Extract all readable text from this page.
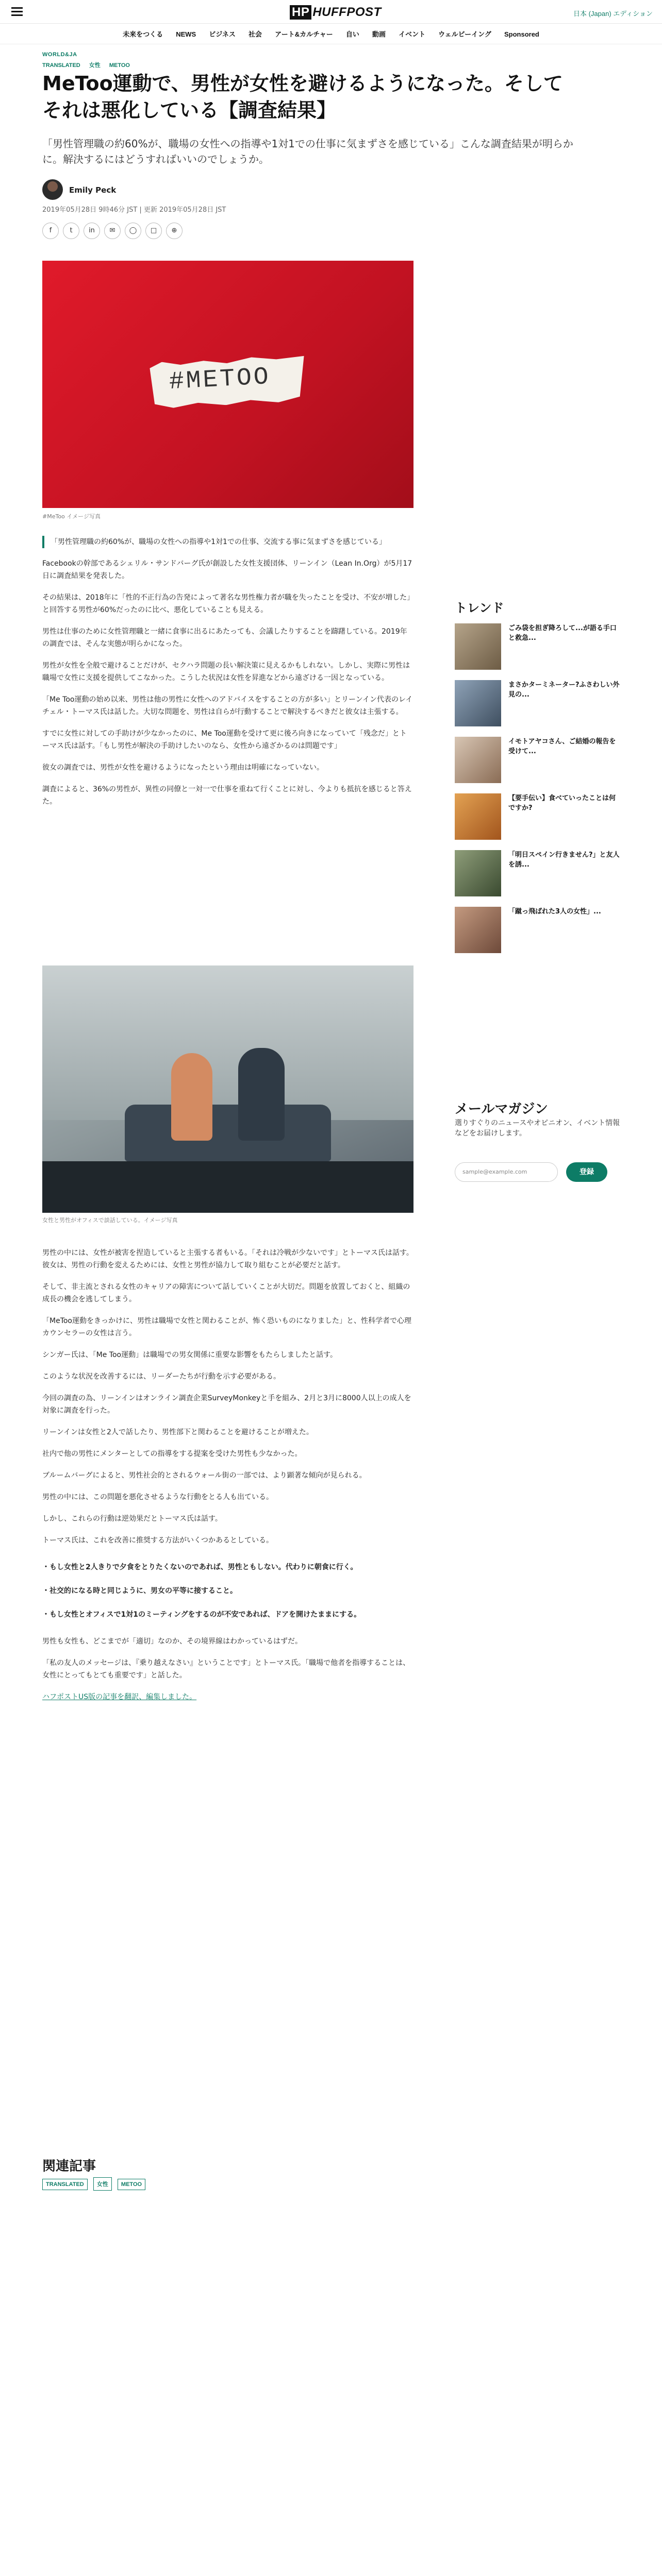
HP HUFFPOST	日本 (Japan) エディション
未来をつくる NEWS ビジネス 社会 アート&カルチャー 自い 動画 イベント ウェルビーイング Sponsored
WORLD&JA
TRANSLATED 女性 METOO
MeToo運動で、男性が女性を避けるようになった。そしてそれは悪化している【調査結果】

「男性管理職の約60%が、職場の女性への指導や1対1での仕事に気まずさを感じている」こんな調査結果が明らかに。解決するにはどうすればいいのでしょうか。

Emily Peck
2019年05月28日 9時46分 JST | 更新 2019年05月28日 JST
f	t	in	✉	◯	□	⊕
#METOO
#MeToo イメージ写真

「男性管理職の約60%が、職場の女性への指導や1対1での仕事、交流する事に気まずさを感じている」

Facebookの幹部であるシェリル・サンドバーグ氏が創設した女性支援団体、リーンイン（Lean In.Org）が5月17日に調査結果を発表した。

その結果は、2018年に「性的不正行為の告発によって著名な男性権力者が職を失ったことを受け、不安が増した」と回答する男性が60%だったのに比べ、悪化していることも見える。

男性は仕事のために女性管理職と一緒に食事に出るにあたっても、会議したりすることを躊躇している。2019年の調査では、そんな実態が明らかになった。

男性が女性を全般で避けることだけが、セクハラ問題の長い解決策に見えるかもしれない。しかし、実際に男性は職場で女性に支援を提供してこなかった。こうした状況は女性を昇進などから遠ざける一因となっている。

「Me Too運動の始め以来、男性は他の男性に女性へのアドバイスをすることの方が多い」とリーンイン代表のレイチェル・トーマス氏は話した。大切な問題を、男性は自らが行動することで解決するべきだと彼女は主張する。

すでに女性に対しての手助けが少なかったのに、Me Too運動を受けて更に後ろ向きになっていて「残念だ」とトーマス氏は話す。「もし男性が解決の手助けしたいのなら、女性から遠ざかるのは問題です」

彼女の調査では、男性が女性を避けるようになったという理由は明確になっていない。

調査によると、36%の男性が、異性の同僚と一対一で仕事を重ねて行くことに対し、今よりも抵抗を感じると答えた。

女性と男性がオフィスで談話している。イメージ写真

男性の中には、女性が被害を捏造していると主張する者もいる。「それは冷戦が少ないです」とトーマス氏は話す。彼女は、男性の行動を変えるためには、女性と男性が協力して取り組むことが必要だと話す。

そして、非主流とされる女性のキャリアの障害について話していくことが大切だ。問題を放置しておくと、組織の成長の機会を逃してしまう。

「MeToo運動をきっかけに、男性は職場で女性と関わることが、怖く恐いものになりました」と、性科学者で心理カウンセラーの女性は言う。

シンガー氏は、「Me Too運動」は職場での男女関係に重要な影響をもたらしましたと話す。

このような状況を改善するには、リーダーたちが行動を示す必要がある。

今回の調査の為、リーンインはオンライン調査企業SurveyMonkeyと手を組み、2月と3月に8000人以上の成人を対象に調査を行った。

リーンインは女性と2人で話したり、男性部下と関わることを避けることが増えた。

社内で他の男性にメンターとしての指導をする提案を受けた男性も少なかった。

ブルームバーグによると、男性社会的とされるウォール街の一部では、より顕著な傾向が見られる。

男性の中には、この問題を悪化させるような行動をとる人も出ている。

しかし、これらの行動は逆効果だとトーマス氏は話す。

トーマス氏は、これを改善に推奨する方法がいくつかあるとしている。

・もし女性と2人きりで夕食をとりたくないのであれば、男性ともしない。代わりに朝食に行く。

・社交的になる時と同じように、男女の平等に接すること。

・もし女性とオフィスで1対1のミーティングをするのが不安であれば、ドアを開けたままにする。

男性も女性も、どこまでが「適切」なのか、その境界線はわかっているはずだ。

「私の友人のメッセージは、『乗り越えなさい』ということです」とトーマス氏。「職場で他者を指導することは、女性にとってもとても重要です」と話した。

ハフポストUS版の記事を翻訳、編集しました。

関連記事
TRANSLATED 女性 METOO
トレンド
ごみ袋を担ぎ降ろして...が語る手口と救急...
まさかターミネーター?ふさわしい外見の...
イモトアヤコさん、ご結婚の報告を受けて...
【要手伝い】食べていったことは何ですか?
「明日スペイン行きません?」と友人を誘...
「蹴っ飛ばれた3人の女性」...
メールマガジン
選りすぐりのニュースやオピニオン、イベント情報などをお届けします。
sample@example.com	登録
